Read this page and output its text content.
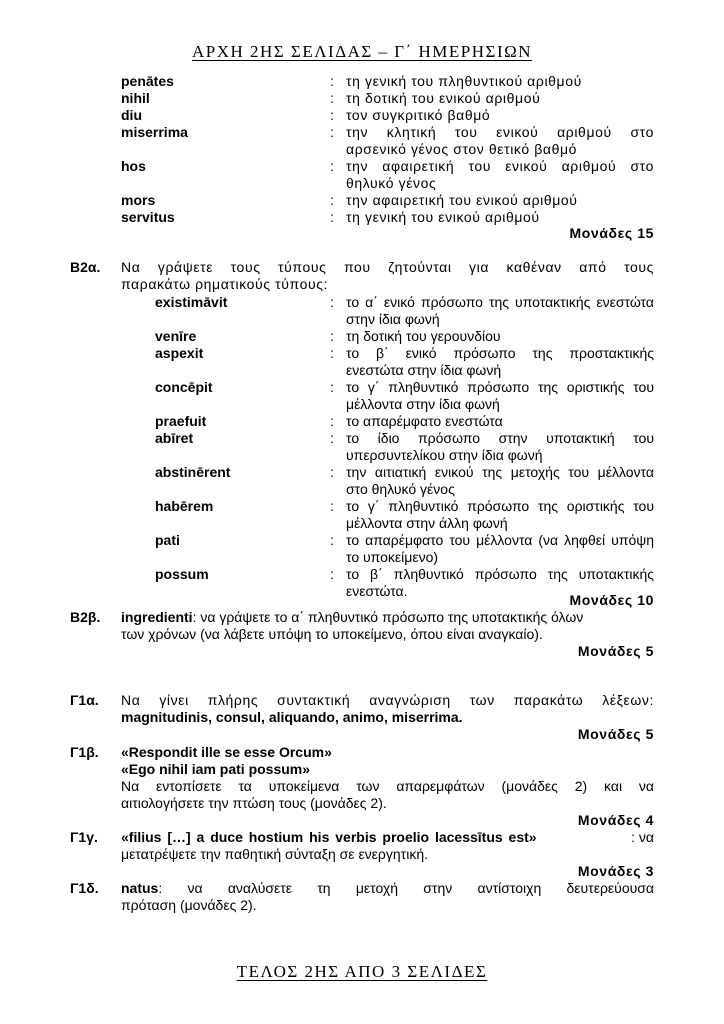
ΑΡΧΗ 2ΗΣ ΣΕΛΙΔΑΣ – Γ΄ ΗΜΕΡΗΣΙΩΝ
penātes	: τη γενική του πληθυντικού αριθμού
nihil	: τη δοτική του ενικού αριθμού
diu	: τον συγκριτικό βαθμό
miserrima	: την κλητική του ενικού αριθμού στο
αρσενικό γένος στον θετικό βαθμό
hos	: την αφαιρετική του ενικού αριθμού στο
θηλυκό γένος
mors	: την αφαιρετική του ενικού αριθμού
servitus	: τη γενική του ενικού αριθμού
Μονάδες 15
Β2α. Να γράψετε τους τύπους που ζητούνται για καθέναν από τους
παρακάτω ρηματικούς τύπους:
existimāvit	: το α΄ ενικό πρόσωπο της υποτακτικής ενεστώτα
στην ίδια φωνή
venīre	: τη δοτική του γερουνδίου
aspexit	: το β΄ ενικό πρόσωπο της προστακτικής
ενεστώτα στην ίδια φωνή
concēpit	: το γ΄ πληθυντικό πρόσωπο της οριστικής του
μέλλοντα στην ίδια φωνή
praefuit	: το απαρέμφατο ενεστώτα
abīret	: το ίδιο πρόσωπο στην υποτακτική του
υπερσυντελίκου στην ίδια φωνή
abstinērent	: την αιτιατική ενικού της μετοχής του μέλλοντα
στο θηλυκό γένος
habērem	: το γ΄ πληθυντικό πρόσωπο της οριστικής του
μέλλοντα στην άλλη φωνή
pati	: το απαρέμφατο του μέλλοντα (να ληφθεί υπόψη
το υποκείμενο)
possum	: το β΄ πληθυντικό πρόσωπο της υποτακτικής
ενεστώτα.
Μονάδες 10
Β2β. ingredienti: να γράψετε το α΄ πληθυντικό πρόσωπο της υποτακτικής όλων
των χρόνων (να λάβετε υπόψη το υποκείμενο, όπου είναι αναγκαίο).
Μονάδες 5
Γ1α. Να γίνει πλήρης συντακτική αναγνώριση των παρακάτω λέξεων:
magnitudinis, consul, aliquando, animo, miserrima.
Μονάδες 5
Γ1β. «Respondit ille se esse Orcum»
«Ego nihil iam pati possum»
Να εντοπίσετε τα υποκείμενα των απαρεμφάτων (μονάδες 2) και να
αιτιολογήσετε την πτώση τους (μονάδες 2).
Μονάδες 4
Γ1γ. «filius […] a duce hostium his verbis proelio lacessītus est»	: να
μετατρέψετε την παθητική σύνταξη σε ενεργητική.
Μονάδες 3
Γ1δ. natus: να αναλύσετε τη μετοχή στην αντίστοιχη δευτερεύουσα
πρόταση (μονάδες 2).
ΤΕΛΟΣ 2ΗΣ ΑΠΟ 3 ΣΕΛΙΔΕΣ
